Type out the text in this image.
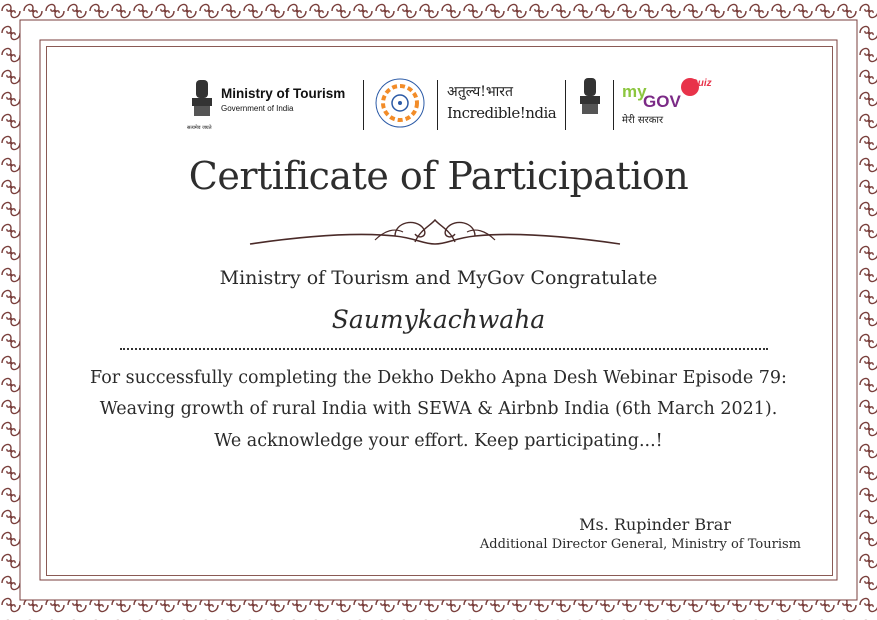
सत्यमेव जयते
Ministry of Tourism
Government of India
अतुल्य!भारत
Incredible!ndia
my
GOV
Quiz
मेरी सरकार
Certificate of Participation
Ministry of Tourism and MyGov Congratulate
Saumykachwaha
For successfully completing the Dekho Dekho Apna Desh Webinar Episode 79:
Weaving growth of rural India with SEWA & Airbnb India (6th March 2021).
We acknowledge your effort. Keep participating...!
Ms. Rupinder Brar
Additional Director General, Ministry of Tourism
